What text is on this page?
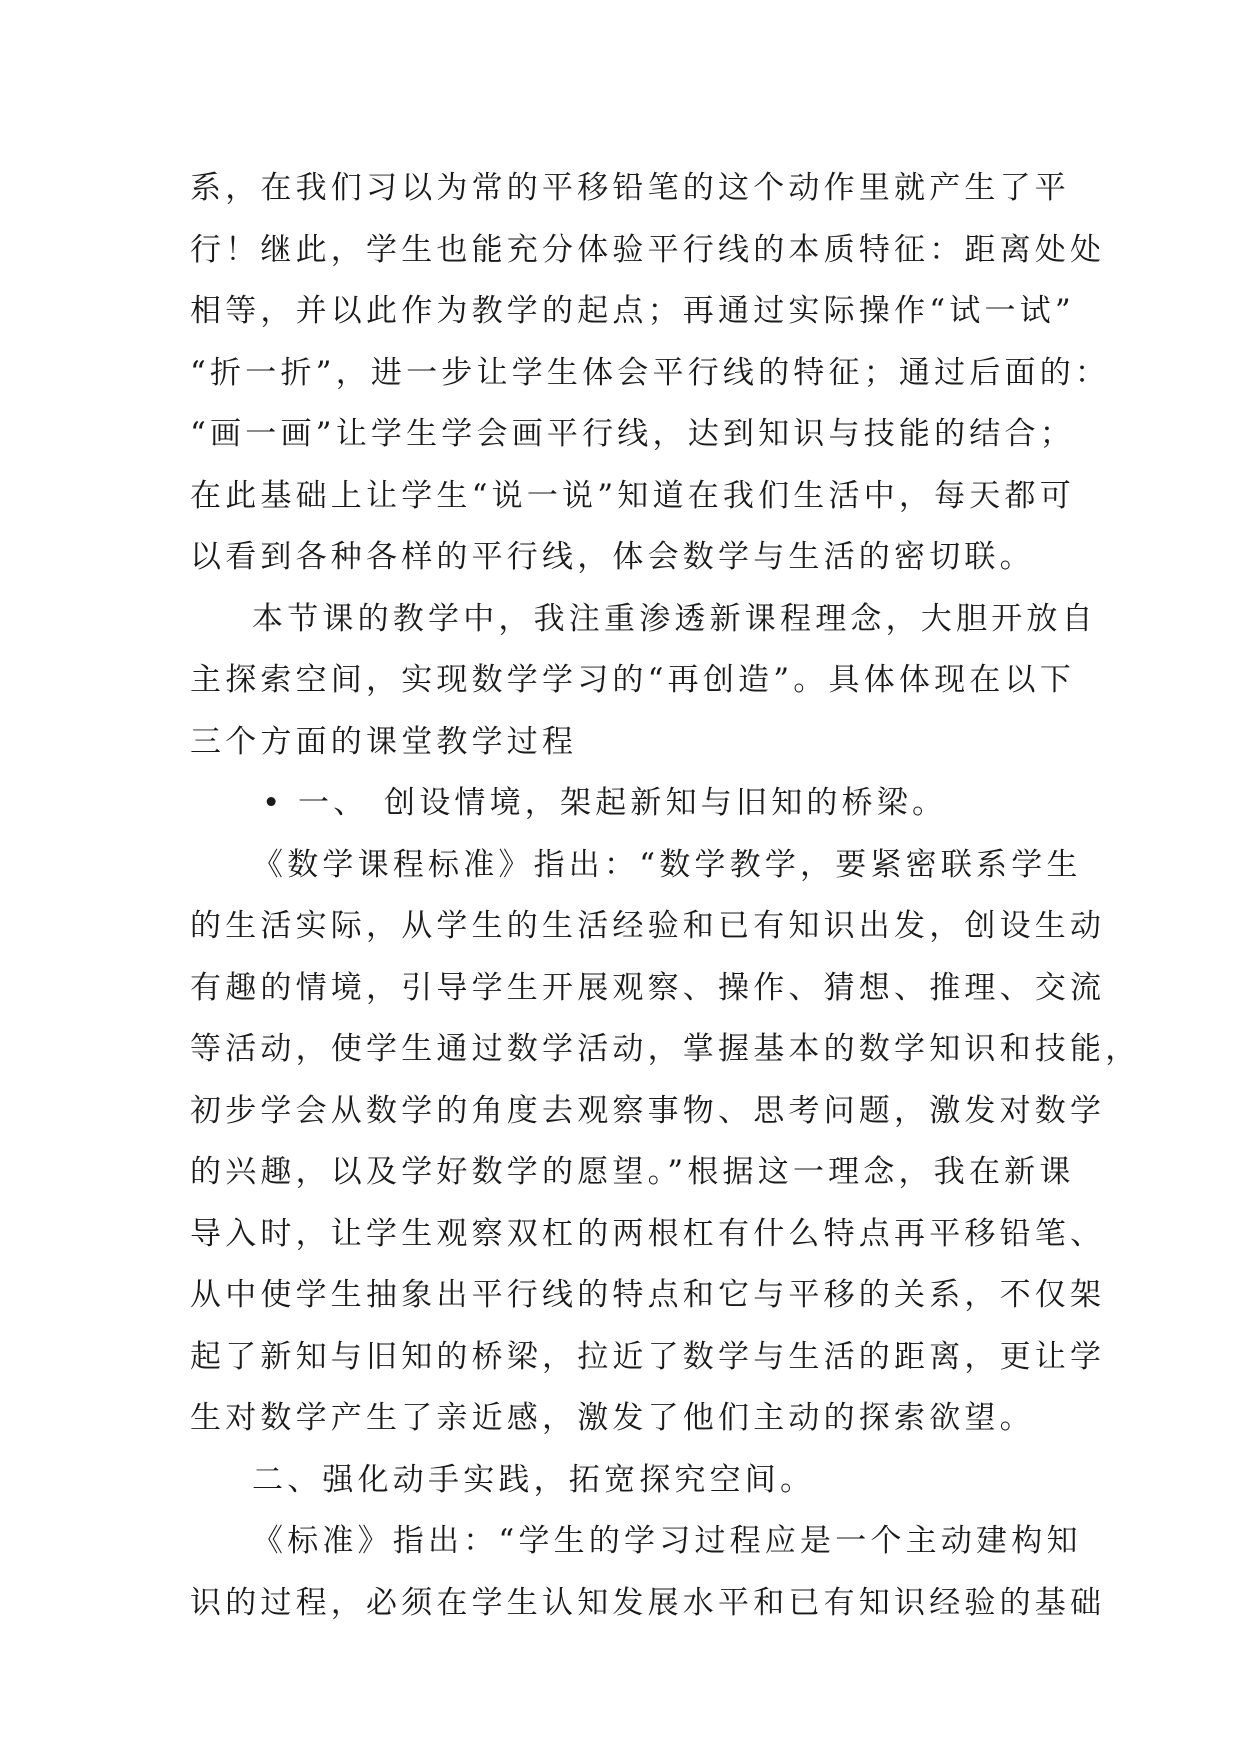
系，在我们习以为常的平移铅笔的这个动作里就产生了平
行！继此，学生也能充分体验平行线的本质特征：距离处处
相等，并以此作为教学的起点；再通过实际操作“试一试”
“折一折”，进一步让学生体会平行线的特征；通过后面的：
“画一画”让学生学会画平行线，达到知识与技能的结合；
在此基础上让学生“说一说”知道在我们生活中，每天都可
以看到各种各样的平行线，体会数学与生活的密切联。
本节课的教学中，我注重渗透新课程理念，大胆开放自
主探索空间，实现数学学习的“再创造”。具体体现在以下
三个方面的课堂教学过程
• 一、 创设情境，架起新知与旧知的桥梁。
《数学课程标准》指出：“数学教学，要紧密联系学生
的生活实际，从学生的生活经验和已有知识出发，创设生动
有趣的情境，引导学生开展观察、操作、猜想、推理、交流
等活动，使学生通过数学活动，掌握基本的数学知识和技能，
初步学会从数学的角度去观察事物、思考问题，激发对数学
的兴趣，以及学好数学的愿望。”根据这一理念，我在新课
导入时，让学生观察双杠的两根杠有什么特点再平移铅笔、
从中使学生抽象出平行线的特点和它与平移的关系，不仅架
起了新知与旧知的桥梁，拉近了数学与生活的距离，更让学
生对数学产生了亲近感，激发了他们主动的探索欲望。
二、强化动手实践，拓宽探究空间。
《标准》指出：“学生的学习过程应是一个主动建构知
识的过程，必须在学生认知发展水平和已有知识经验的基础
